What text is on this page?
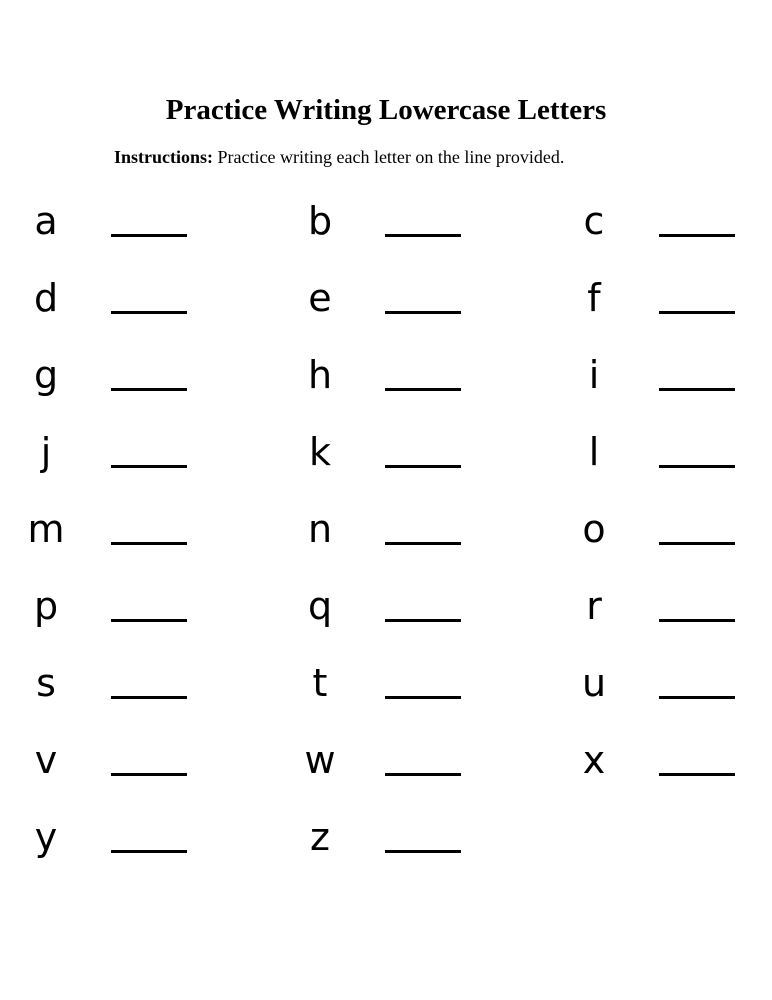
Practice Writing Lowercase Letters
Instructions: Practice writing each letter on the line provided.
a	b	c
d	e	f
g	h	i
j	k	l
m	n	o
p	q	r
s	t	u
v	w	x
y	z
